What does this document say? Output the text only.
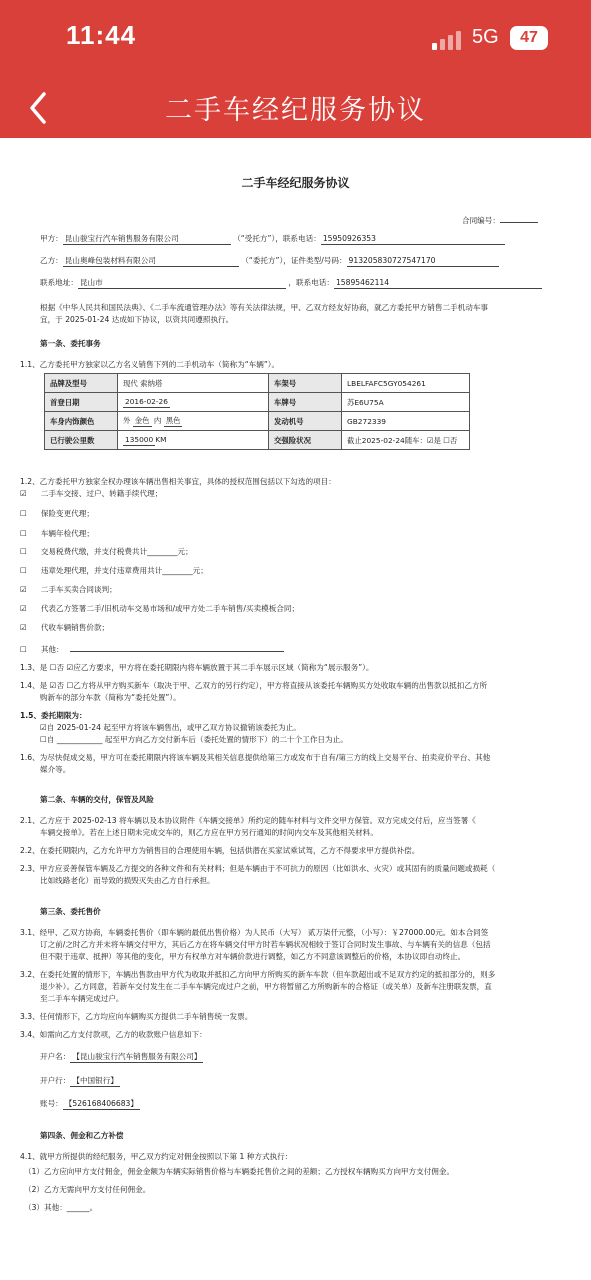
11:44	5G	47
二手车经纪服务协议
二手车经纪服务协议
合同编号：
甲方： 昆山骏宝行汽车销售服务有限公司	（“受托方”），联系电话： 15950926353
乙方： 昆山奥峰包装材料有限公司	（“委托方”），证件类型/号码： 913205830727547170
联系地址： 昆山市	，联系电话： 15895462114
根据《中华人民共和国民法典》、《二手车流通管理办法》等有关法律法规，甲、乙双方经友好协商，就乙方委托甲方销售二手机动车事
宜，于 2025-01-24 达成如下协议，以资共同遵照执行。
第一条、委托事务
1.1、乙方委托甲方独家以乙方名义销售下列的二手机动车（简称为“车辆”）。
品牌及型号	现代 索纳塔	车架号	LBELFAFC5GY054261
首登日期	2016-02-26	车牌号	苏E6U75A
车身内饰颜色	外 金色 内 黑色	发动机号	GB272339
已行驶公里数	135000 KM	交强险状况	截止2025-02-24随车：☑是 ☐否
1.2、乙方委托甲方独家全权办理该车辆出售相关事宜，具体的授权范围包括以下勾选的项目：
☑ 二手车交接、过户、转籍手续代理；
☐ 保险变更代理；
☐ 车辆年检代理；
☐ 交易税费代缴，并支付税费共计________元；
☐ 违章处理代理，并支付违章费用共计________元；
☑ 二手车买卖合同谈判；
☑ 代表乙方签署二手/旧机动车交易市场和/或甲方处二手车销售/买卖模板合同；
☑ 代收车辆销售价款；
☐ 其他：
1.3、是 ☐否 ☑应乙方要求，甲方将在委托期限内将车辆放置于其二手车展示区域（简称为“展示服务”）。
1.4、是 ☑否 ☐乙方将从甲方购买新车（取决于甲、乙双方的另行约定），甲方将直接从该委托车辆购买方处收取车辆的出售款以抵扣乙方所
购新车的部分车款（简称为“委托处置”）。
1.5、委托期限为：
☑自 2025-01-24 起至甲方将该车辆售出，或甲乙双方协议撤销该委托为止。
☐自 ____________ 起至甲方向乙方交付新车后（委托处置的情形下）的二十个工作日为止。
1.6、为尽快促成交易，甲方可在委托期限内将该车辆及其相关信息提供给第三方或发布于自有/第三方的线上交易平台、拍卖竞价平台、其他
媒介等。
第二条、车辆的交付，保管及风险
2.1、乙方应于 2025-02-13 将车辆以及本协议附件《车辆交接单》所约定的随车材料与文件交甲方保管。双方完成交付后，应当签署《
车辆交接单》。若在上述日期未完成交车的，则乙方应在甲方另行通知的时间内交车及其他相关材料。
2.2、在委托期限内，乙方允许甲方为销售目的合理使用车辆，包括供潜在买家试乘试驾，乙方不得要求甲方提供补偿。
2.3、甲方应妥善保管车辆及乙方提交的各种文件和有关材料；但是车辆由于不可抗力的原因（比如洪水、火灾）或其固有的质量问题或损耗（
比如线路老化）而导致的损毁灭失由乙方自行承担。
第三条、委托售价
3.1、经甲、乙双方协商，车辆委托售价（即车辆的最低出售价格）为人民币（大写） 贰万柒仟元整，（小写）：￥27000.00元。如本合同签
订之前/之时乙方并未将车辆交付甲方，其后乙方在将车辆交付甲方时若车辆状况相较于签订合同时发生事故、与车辆有关的信息（包括
但不限于违章、抵押）等其他的变化，甲方有权单方对车辆价款进行调整，如乙方不同意该调整后的价格，本协议即自动终止。
3.2、在委托处置的情形下，车辆出售款由甲方代为收取并抵扣乙方向甲方所购买的新车车款（但车款超出或不足双方约定的抵扣部分的，则多
退少补）。乙方同意，若新车交付发生在二手车车辆完成过户之前，甲方将暂留乙方所购新车的合格证（或关单）及新车注册联发票，直
至二手车车辆完成过户。
3.3、任何情形下，乙方均应向车辆购买方提供二手车销售统一发票。
3.4、如需向乙方支付款项，乙方的收款账户信息如下：
开户名： 【昆山骏宝行汽车销售服务有限公司】
开户行： 【中国银行】
账号： 【526168406683】
第四条、佣金和乙方补偿
4.1、就甲方所提供的经纪服务，甲乙双方约定对佣金按照以下第 1 种方式执行：
（1）乙方应向甲方支付佣金，佣金金额为车辆实际销售价格与车辆委托售价之间的差额；乙方授权车辆购买方向甲方支付佣金。
（2）乙方无需向甲方支付任何佣金。
（3）其他：______。
